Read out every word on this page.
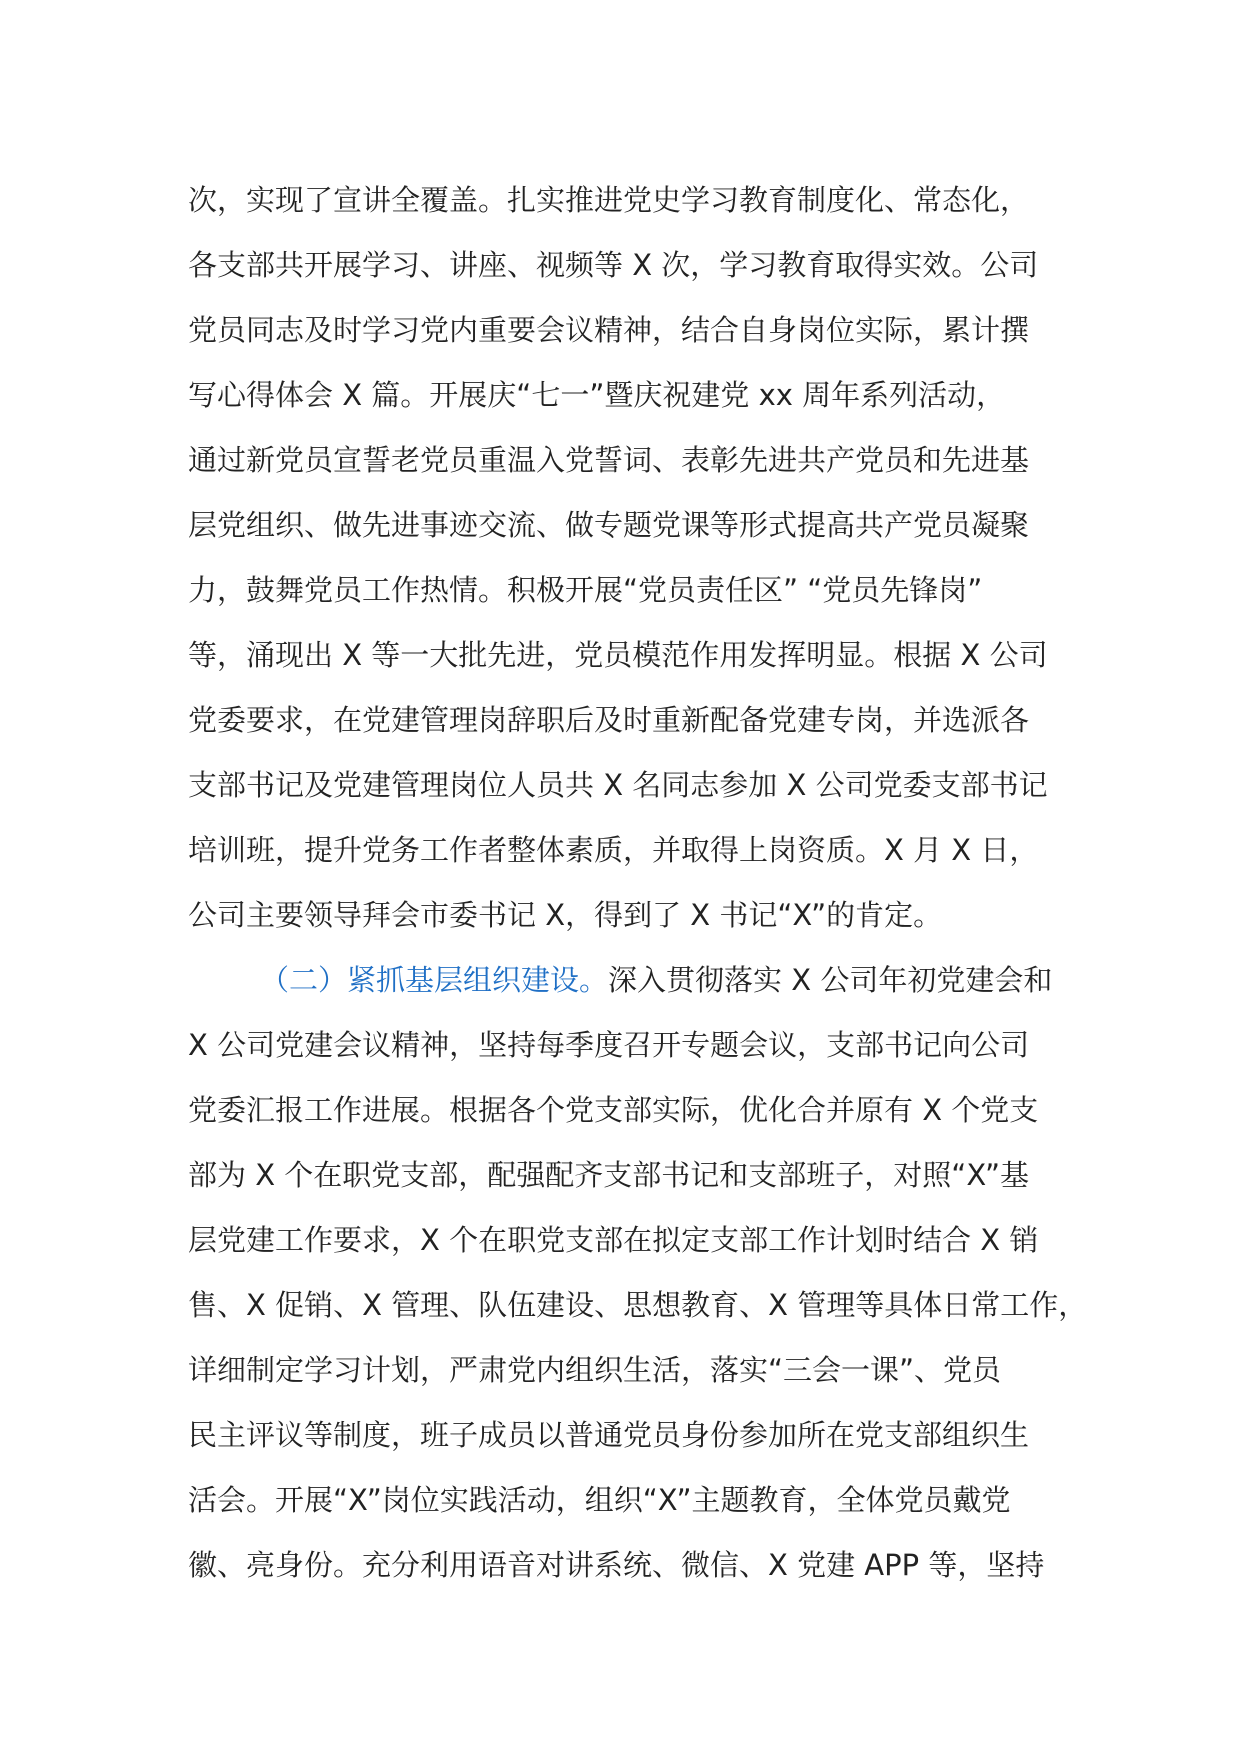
次，实现了宣讲全覆盖。扎实推进党史学习教育制度化、常态化，
各支部共开展学习、讲座、视频等 X 次，学习教育取得实效。公司
党员同志及时学习党内重要会议精神，结合自身岗位实际，累计撰
写心得体会 X 篇。开展庆“七一”暨庆祝建党 xx 周年系列活动，
通过新党员宣誓老党员重温入党誓词、表彰先进共产党员和先进基
层党组织、做先进事迹交流、做专题党课等形式提高共产党员凝聚
力，鼓舞党员工作热情。积极开展“党员责任区” “党员先锋岗”
等，涌现出 X 等一大批先进，党员模范作用发挥明显。根据 X 公司
党委要求，在党建管理岗辞职后及时重新配备党建专岗，并选派各
支部书记及党建管理岗位人员共 X 名同志参加 X 公司党委支部书记
培训班，提升党务工作者整体素质，并取得上岗资质。X 月 X 日，
公司主要领导拜会市委书记 X，得到了 X 书记“X”的肯定。
（二）紧抓基层组织建设。深入贯彻落实 X 公司年初党建会和
X 公司党建会议精神，坚持每季度召开专题会议，支部书记向公司
党委汇报工作进展。根据各个党支部实际，优化合并原有 X 个党支
部为 X 个在职党支部，配强配齐支部书记和支部班子，对照“X”基
层党建工作要求，X 个在职党支部在拟定支部工作计划时结合 X 销
售、X 促销、X 管理、队伍建设、思想教育、X 管理等具体日常工作，
详细制定学习计划，严肃党内组织生活，落实“三会一课”、党员
民主评议等制度，班子成员以普通党员身份参加所在党支部组织生
活会。开展“X”岗位实践活动，组织“X”主题教育，全体党员戴党
徽、亮身份。充分利用语音对讲系统、微信、X 党建 APP 等，坚持
